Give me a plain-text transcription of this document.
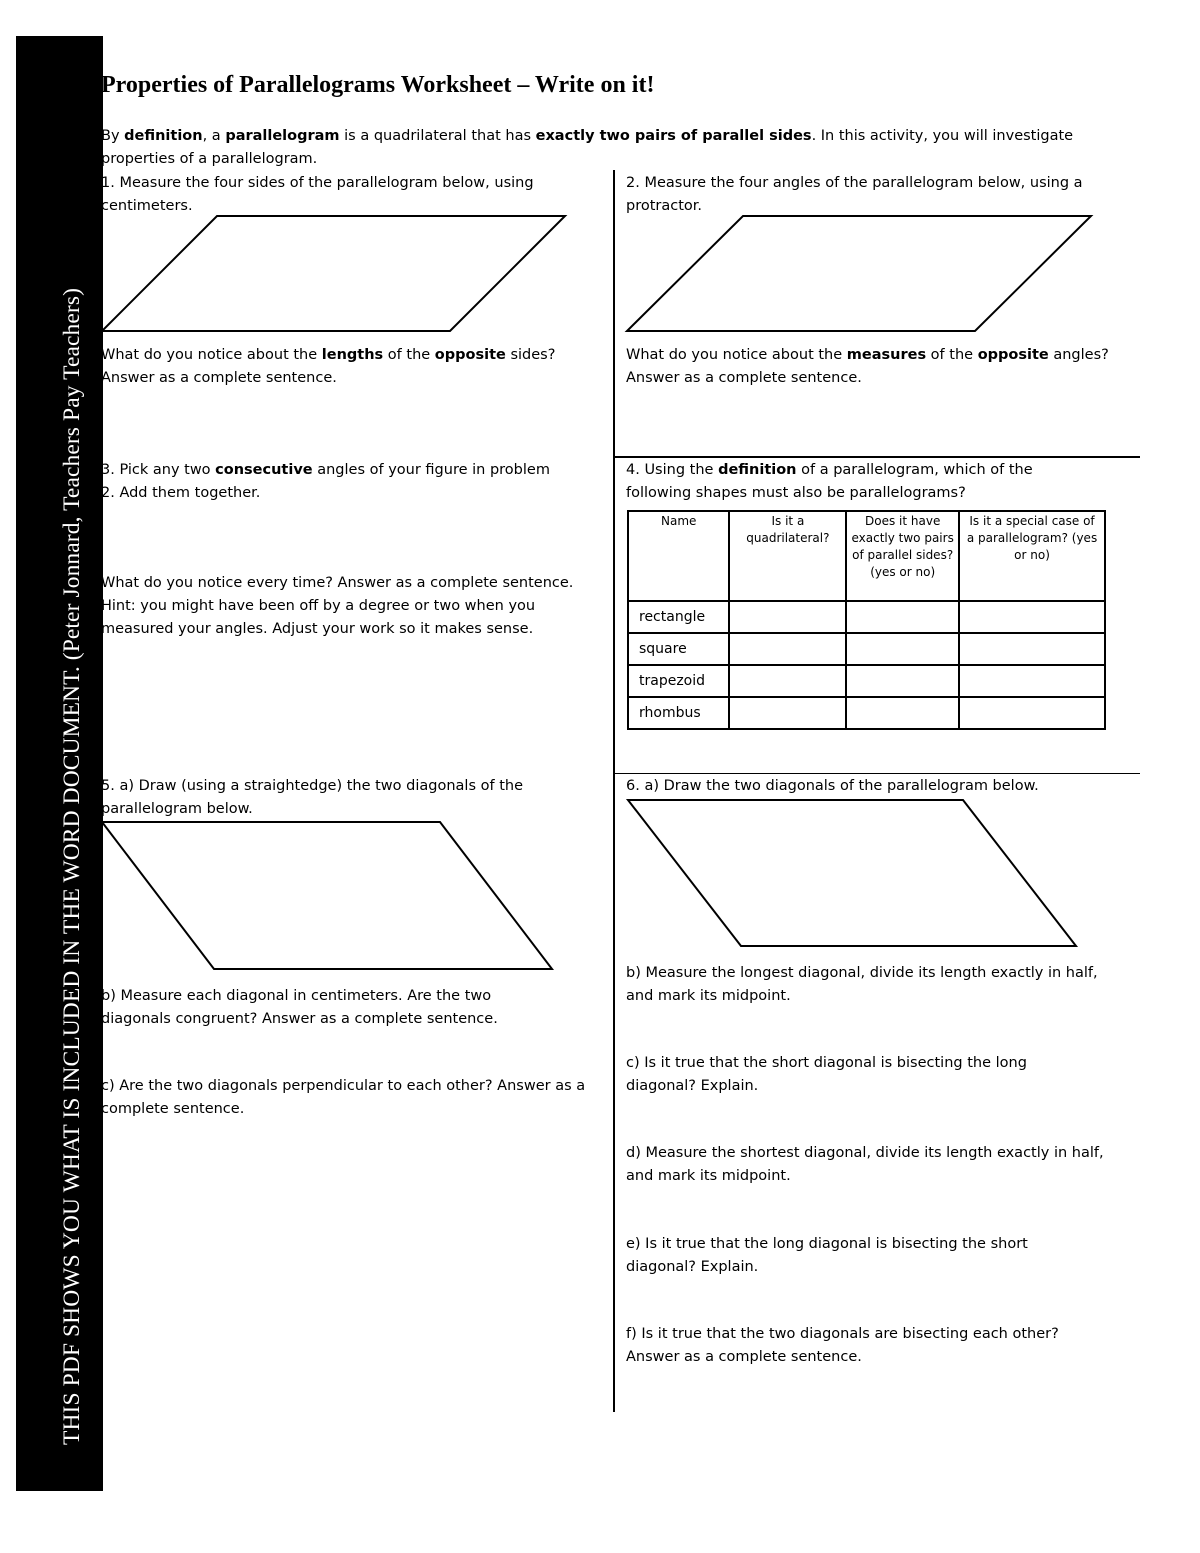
THIS PDF SHOWS YOU WHAT IS INCLUDED IN THE WORD DOCUMENT. (Peter Jonnard, Teachers Pay Teachers)
Properties of Parallelograms Worksheet – Write on it!
By definition, a parallelogram is a quadrilateral that has exactly two pairs of parallel sides. In this activity, you will investigate properties of a parallelogram.
1. Measure the four sides of the parallelogram below, using centimeters.
What do you notice about the lengths of the opposite sides? Answer as a complete sentence.
2. Measure the four angles of the parallelogram below, using a protractor.
What do you notice about the measures of the opposite angles? Answer as a complete sentence.
3. Pick any two consecutive angles of your figure in problem 2. Add them together.
What do you notice every time? Answer as a complete sentence. Hint: you might have been off by a degree or two when you measured your angles. Adjust your work so it makes sense.
4. Using the definition of a parallelogram, which of the following shapes must also be parallelograms?
Name	Is it a quadrilateral?	Does it have exactly two pairs of parallel sides? (yes or no)	Is it a special case of a parallelogram? (yes or no)
rectangle			
square			
trapezoid			
rhombus			
5. a) Draw (using a straightedge) the two diagonals of the parallelogram below.
b) Measure each diagonal in centimeters. Are the two diagonals congruent? Answer as a complete sentence.
c) Are the two diagonals perpendicular to each other? Answer as a complete sentence.
6. a) Draw the two diagonals of the parallelogram below.
b) Measure the longest diagonal, divide its length exactly in half, and mark its midpoint.
c) Is it true that the short diagonal is bisecting the long diagonal? Explain.
d) Measure the shortest diagonal, divide its length exactly in half, and mark its midpoint.
e) Is it true that the long diagonal is bisecting the short diagonal? Explain.
f) Is it true that the two diagonals are bisecting each other? Answer as a complete sentence.
